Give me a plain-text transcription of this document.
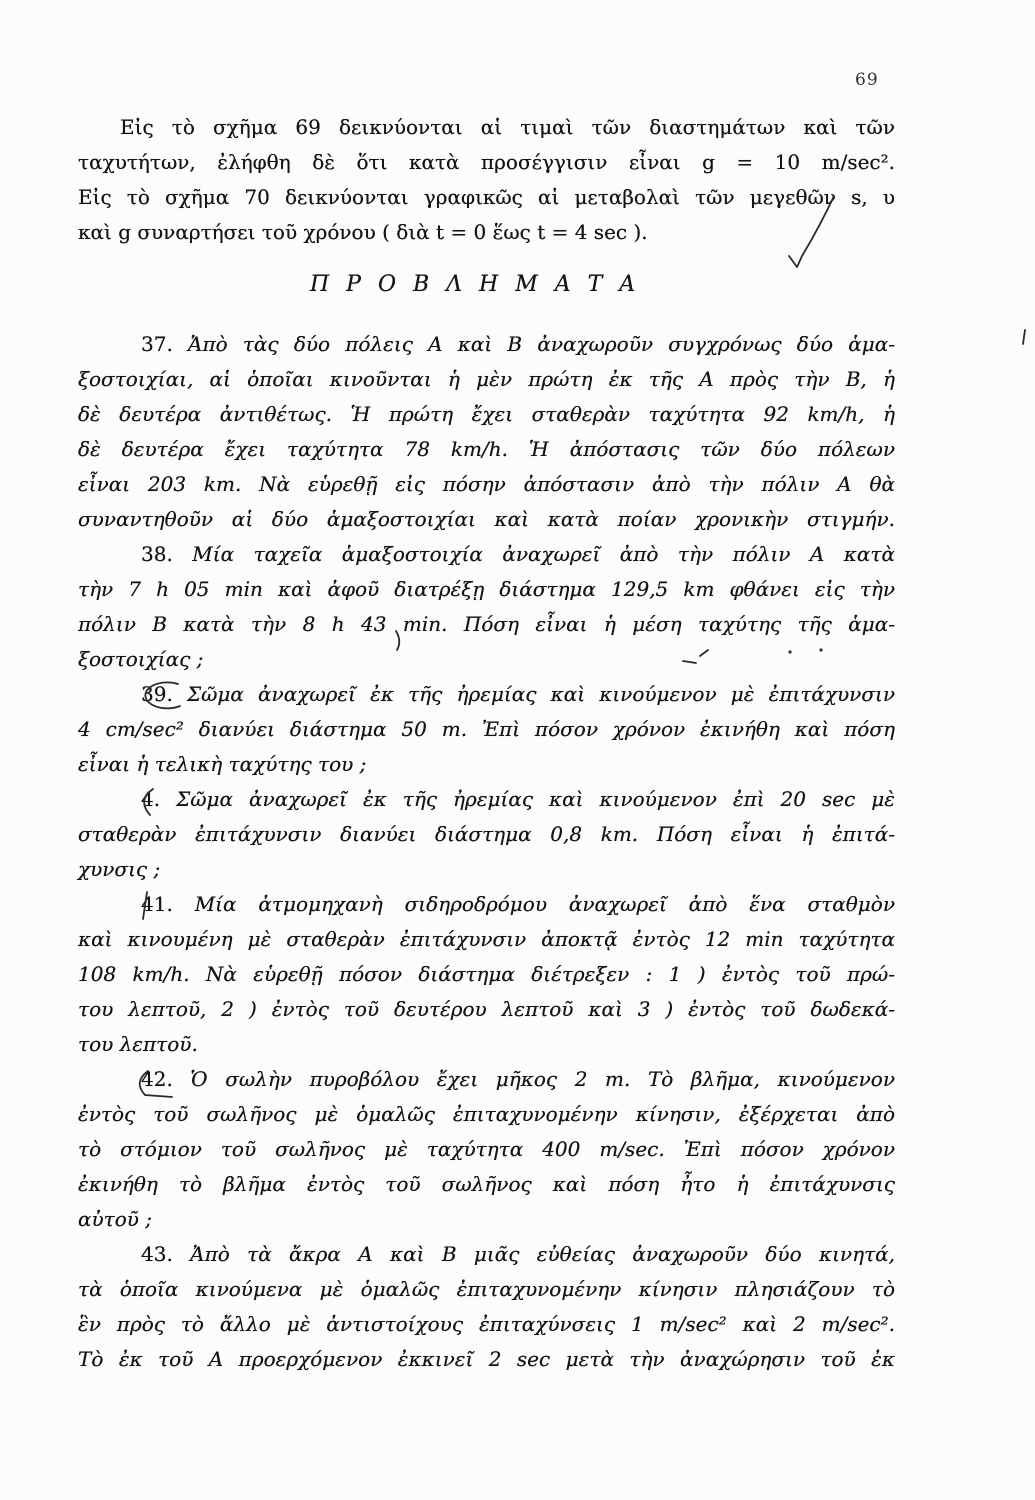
69
Εἰς τὸ σχῆμα 69 δεικνύονται αἱ τιμαὶ τῶν διαστημάτων καὶ τῶν
ταχυτήτων, ἐλήφθη δὲ ὅτι κατὰ προσέγγισιν εἶναι g = 10 m/sec².
Εἰς τὸ σχῆμα 70 δεικνύονται γραφικῶς αἱ μεταβολαὶ τῶν μεγεθῶν s, υ
καὶ g συναρτήσει τοῦ χρόνου ( διὰ t = 0 ἕως t = 4 sec ).
Π Ρ Ο Β Λ Η Μ Α Τ Α
37. Ἀπὸ τὰς δύο πόλεις Α καὶ Β ἀναχωροῦν συγχρόνως δύο ἁμα-
ξοστοιχίαι, αἱ ὁποῖαι κινοῦνται ἡ μὲν πρώτη ἐκ τῆς Α πρὸς τὴν Β, ἡ
δὲ δευτέρα ἀντιθέτως. Ἡ πρώτη ἔχει σταθερὰν ταχύτητα 92 km/h, ἡ
δὲ δευτέρα ἔχει ταχύτητα 78 km/h. Ἡ ἀπόστασις τῶν δύο πόλεων
εἶναι 203 km. Νὰ εὑρεθῇ εἰς πόσην ἀπόστασιν ἀπὸ τὴν πόλιν Α θὰ
συναντηθοῦν αἱ δύο ἁμαξοστοιχίαι καὶ κατὰ ποίαν χρονικὴν στιγμήν.
38. Μία ταχεῖα ἁμαξοστοιχία ἀναχωρεῖ ἀπὸ τὴν πόλιν Α κατὰ
τὴν 7 h 05 min καὶ ἀφοῦ διατρέξῃ διάστημα 129,5 km φθάνει εἰς τὴν
πόλιν Β κατὰ τὴν 8 h 43 min. Πόση εἶναι ἡ μέση ταχύτης τῆς ἁμα-
ξοστοιχίας ;
39. Σῶμα ἀναχωρεῖ ἐκ τῆς ἠρεμίας καὶ κινούμενον μὲ ἐπιτάχυνσιν
4 cm/sec² διανύει διάστημα 50 m. Ἐπὶ πόσον χρόνον ἐκινήθη καὶ πόση
εἶναι ἡ τελικὴ ταχύτης του ;
4. Σῶμα ἀναχωρεῖ ἐκ τῆς ἠρεμίας καὶ κινούμενον ἐπὶ 20 sec μὲ
σταθερὰν ἐπιτάχυνσιν διανύει διάστημα 0,8 km. Πόση εἶναι ἡ ἐπιτά-
χυνσις ;
41. Μία ἀτμομηχανὴ σιδηροδρόμου ἀναχωρεῖ ἀπὸ ἕνα σταθμὸν
καὶ κινουμένη μὲ σταθερὰν ἐπιτάχυνσιν ἀποκτᾷ ἐντὸς 12 min ταχύτητα
108 km/h. Νὰ εὑρεθῇ πόσον διάστημα διέτρεξεν : 1 ) ἐντὸς τοῦ πρώ-
του λεπτοῦ, 2 ) ἐντὸς τοῦ δευτέρου λεπτοῦ καὶ 3 ) ἐντὸς τοῦ δωδεκά-
του λεπτοῦ.
42. Ὁ σωλὴν πυροβόλου ἔχει μῆκος 2 m. Τὸ βλῆμα, κινούμενον
ἐντὸς τοῦ σωλῆνος μὲ ὁμαλῶς ἐπιταχυνομένην κίνησιν, ἐξέρχεται ἀπὸ
τὸ στόμιον τοῦ σωλῆνος μὲ ταχύτητα 400 m/sec. Ἐπὶ πόσον χρόνον
ἐκινήθη τὸ βλῆμα ἐντὸς τοῦ σωλῆνος καὶ πόση ἦτο ἡ ἐπιτάχυνσις
αὐτοῦ ;
43. Ἀπὸ τὰ ἄκρα Α καὶ Β μιᾶς εὐθείας ἀναχωροῦν δύο κινητά,
τὰ ὁποῖα κινούμενα μὲ ὁμαλῶς ἐπιταχυνομένην κίνησιν πλησιάζουν τὸ
ἓν πρὸς τὸ ἄλλο μὲ ἀντιστοίχους ἐπιταχύνσεις 1 m/sec² καὶ 2 m/sec².
Τὸ ἐκ τοῦ Α προερχόμενον ἐκκινεῖ 2 sec μετὰ τὴν ἀναχώρησιν τοῦ ἐκ
